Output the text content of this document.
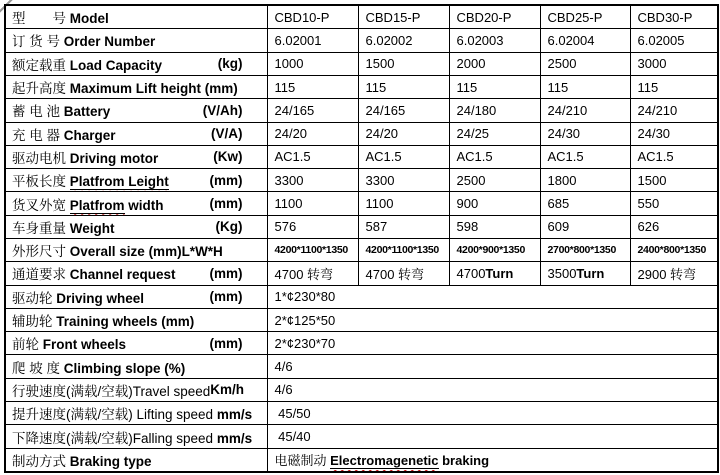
型　　号 Model	CBD10-P	CBD15-P	CBD20-P	CBD25-P	CBD30-P

订 货 号 Order Number	6.02001	6.02002	6.02003	6.02004	6.02005

额定载重 Load Capacity (kg)	1000	1500	2000	2500	3000

起升高度 Maximum Lift height (mm)	115	115	115	115	115

蓄 电 池 Battery (V/Ah)	24/165	24/165	24/180	24/210	24/210

充 电 器 Charger (V/A)	24/20	24/20	24/25	24/30	24/30

驱动电机 Driving motor (Kw)	AC1.5	AC1.5	AC1.5	AC1.5	AC1.5

平板长度 Platfrom Leight (mm)	3300	3300	2500	1800	1500

货叉外宽 Platfrom width (mm)	1100	1100	900	685	550

车身重量 Weight (Kg)	576	587	598	609	626

外形尺寸 Overall size (mm)L*W*H	4200*1100*1350	4200*1100*1350	4200*900*1350	2700*800*1350	2400*800*1350

通道要求 Channel request (mm)	4700 转弯	4700 转弯	4700Turn	3500Turn	2900 转弯

驱动轮 Driving wheel (mm)	1*¢230*80				

辅助轮 Training wheels (mm)	2*¢125*50				

前轮 Front wheels (mm)	2*¢230*70				

爬 坡 度 Climbing slope (%)	4/6				

行驶速度(满载/空载)Travel speed Km/h	4/6				

提升速度(满载/空载) Lifting speed mm/s	45/50				

下降速度(满载/空载)Falling speed mm/s	45/40				

制动方式 Braking type	电磁制动 Electromagenetic braking				
